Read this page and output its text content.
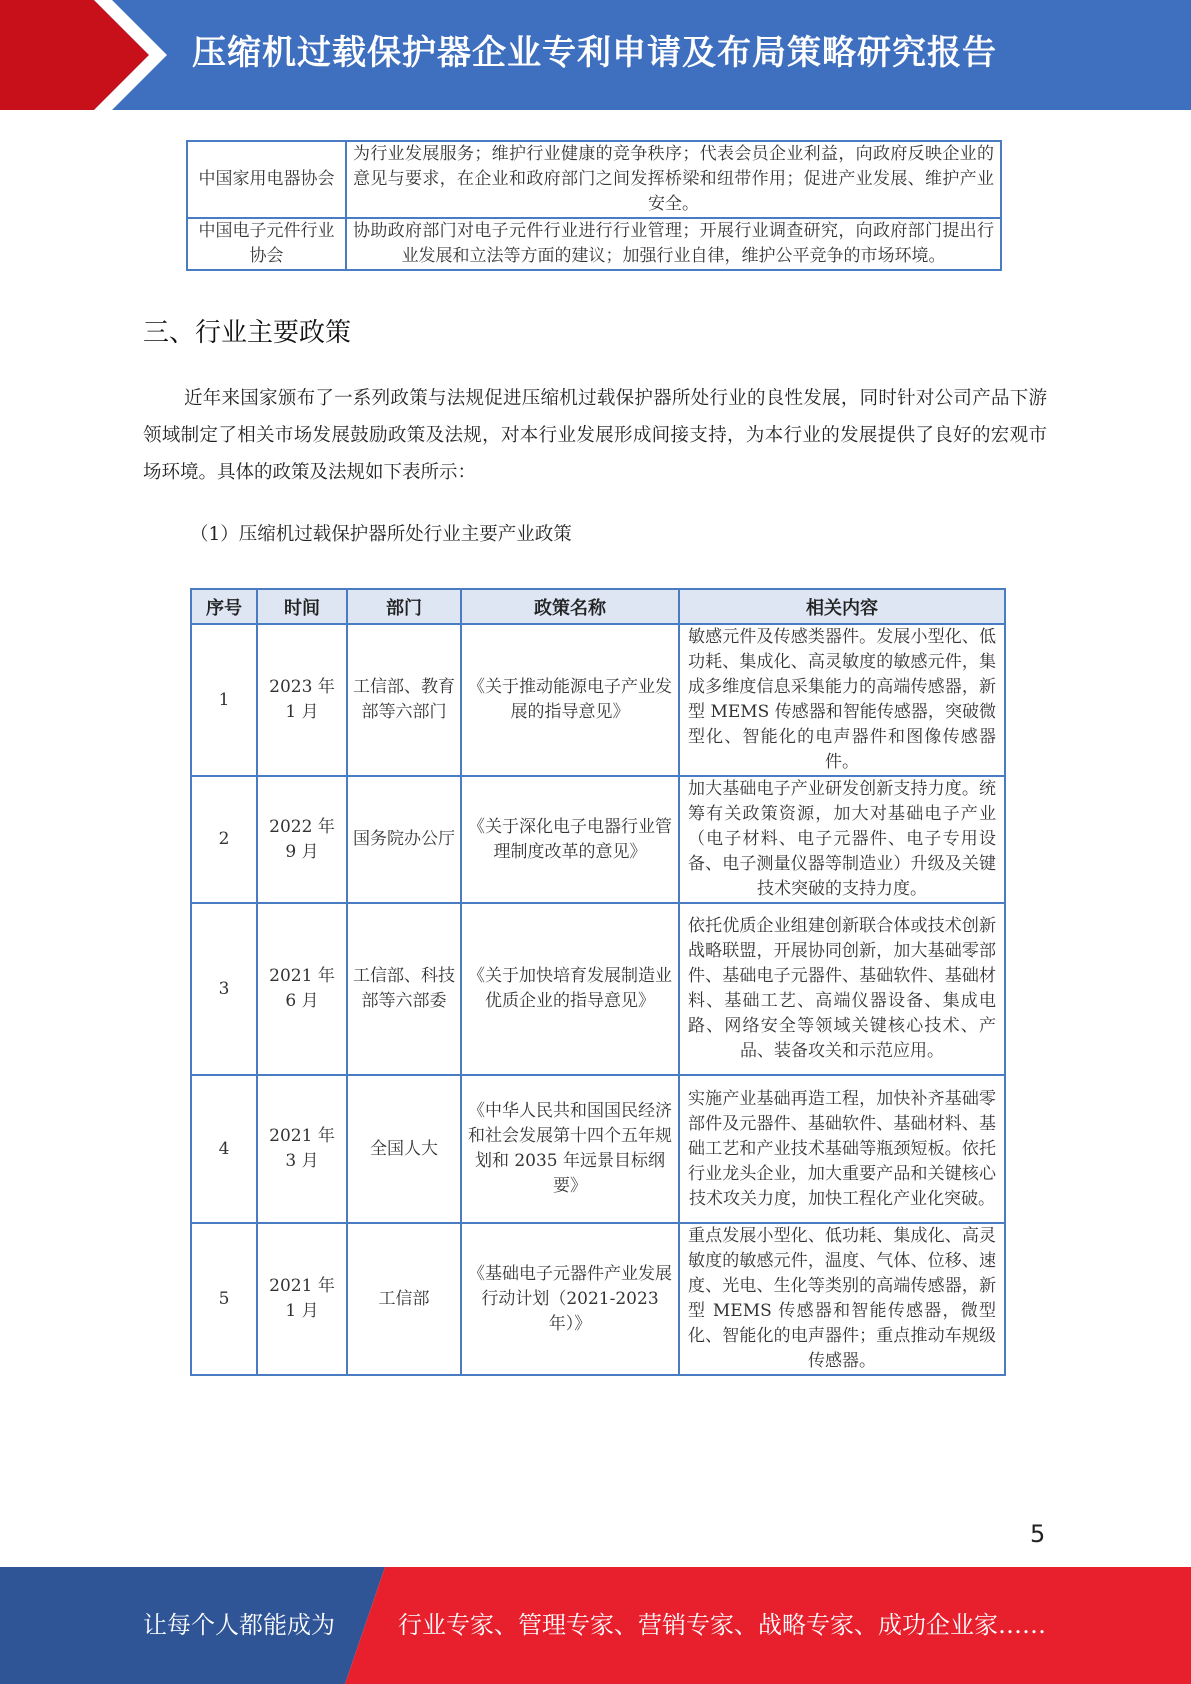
压缩机过载保护器企业专利申请及布局策略研究报告
中国家用电器协会	为行业发展服务；维护行业健康的竞争秩序；代表会员企业利益，向政府反映企业的意见与要求，在企业和政府部门之间发挥桥梁和纽带作用；促进产业发展、维护产业安全。
中国电子元件行业协会	协助政府部门对电子元件行业进行行业管理；开展行业调查研究，向政府部门提出行业发展和立法等方面的建议；加强行业自律，维护公平竞争的市场环境。
三、行业主要政策
近年来国家颁布了一系列政策与法规促进压缩机过载保护器所处行业的良性发展，同时针对公司产品下游领域制定了相关市场发展鼓励政策及法规，对本行业发展形成间接支持，为本行业的发展提供了良好的宏观市场环境。具体的政策及法规如下表所示：
（1）压缩机过载保护器所处行业主要产业政策
序号	时间	部门	政策名称	相关内容
1	2023 年 1 月	工信部、教育部等六部门	《关于推动能源电子产业发展的指导意见》	敏感元件及传感类器件。发展小型化、低功耗、集成化、高灵敏度的敏感元件，集成多维度信息采集能力的高端传感器，新型 MEMS 传感器和智能传感器，突破微型化、智能化的电声器件和图像传感器件。
2	2022 年 9 月	国务院办公厅	《关于深化电子电器行业管理制度改革的意见》	加大基础电子产业研发创新支持力度。统筹有关政策资源，加大对基础电子产业（电子材料、电子元器件、电子专用设备、电子测量仪器等制造业）升级及关键技术突破的支持力度。
3	2021 年 6 月	工信部、科技部等六部委	《关于加快培育发展制造业优质企业的指导意见》	依托优质企业组建创新联合体或技术创新战略联盟，开展协同创新，加大基础零部件、基础电子元器件、基础软件、基础材料、基础工艺、高端仪器设备、集成电路、网络安全等领域关键核心技术、产品、装备攻关和示范应用。
4	2021 年 3 月	全国人大	《中华人民共和国国民经济和社会发展第十四个五年规划和 2035 年远景目标纲要》	实施产业基础再造工程，加快补齐基础零部件及元器件、基础软件、基础材料、基础工艺和产业技术基础等瓶颈短板。依托行业龙头企业，加大重要产品和关键核心技术攻关力度，加快工程化产业化突破。
5	2021 年 1 月	工信部	《基础电子元器件产业发展行动计划（2021-2023 年）》	重点发展小型化、低功耗、集成化、高灵敏度的敏感元件，温度、气体、位移、速度、光电、生化等类别的高端传感器，新型 MEMS 传感器和智能传感器，微型化、智能化的电声器件；重点推动车规级传感器。
5
让每个人都能成为	行业专家、管理专家、营销专家、战略专家、成功企业家……
